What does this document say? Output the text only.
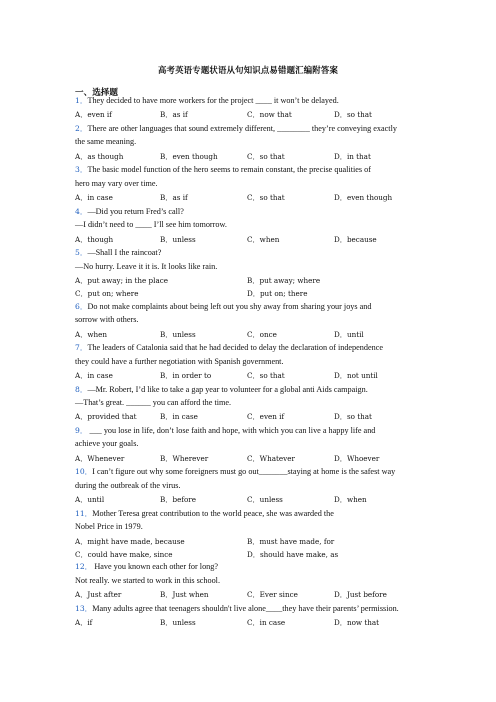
高考英语专题状语从句知识点易错题汇编附答案
一、选择题
1．They decided to have more workers for the project ____ it won’t be delayed.
A．even if	B．as if	C．now that	D．so that
2．There are other languages that sound extremely different, ________ they’re conveying exactly
the same meaning.
A．as though	B．even though	C．so that	D．in that
3．The basic model function of the hero seems to remain constant, the precise qualities of
hero may vary over time.
A．in case	B．as if	C．so that	D．even though
4．—Did you return Fred’s call?
—I didn’t need to ____ I’ll see him tomorrow.
A．though	B．unless	C．when	D．because
5．—Shall I the raincoat?
—No hurry. Leave it it is. It looks like rain.
A．put away; in the place	B．put away; where
C．put on; where	D．put on; there
6．Do not make complaints about being left out you shy away from sharing your joys and
sorrow with others.
A．when	B．unless	C．once	D．until
7．The leaders of Catalonia said that he had decided to delay the declaration of independence
they could have a further negotiation with Spanish government.
A．in case	B．in order to	C．so that	D．not until
8．—Mr. Robert, I’d like to take a gap year to volunteer for a global anti Aids campaign.
—That’s great. ______ you can afford the time.
A．provided that	B．in case	C．even if	D．so that
9． ___ you lose in life, don’t lose faith and hope, with which you can live a happy life and
achieve your goals.
A．Whenever	B．Wherever	C．Whatever	D．Whoever
10．I can’t figure out why some foreigners must go out_______staying at home is the safest way
during the outbreak of the virus.
A．until	B．before	C．unless	D．when
11．Mother Teresa great contribution to the world peace, she was awarded the
Nobel Price in 1979.
A．might have made, because	B．must have made, for
C．could have make, since	D．should have make, as
12． Have you known each other for long?
Not really. we started to work in this school.
A．Just after	B．Just when	C．Ever since	D．Just before
13．Many adults agree that teenagers shouldn't live alone____they have their parents’ permission.
A．if	B．unless	C．in case	D．now that
